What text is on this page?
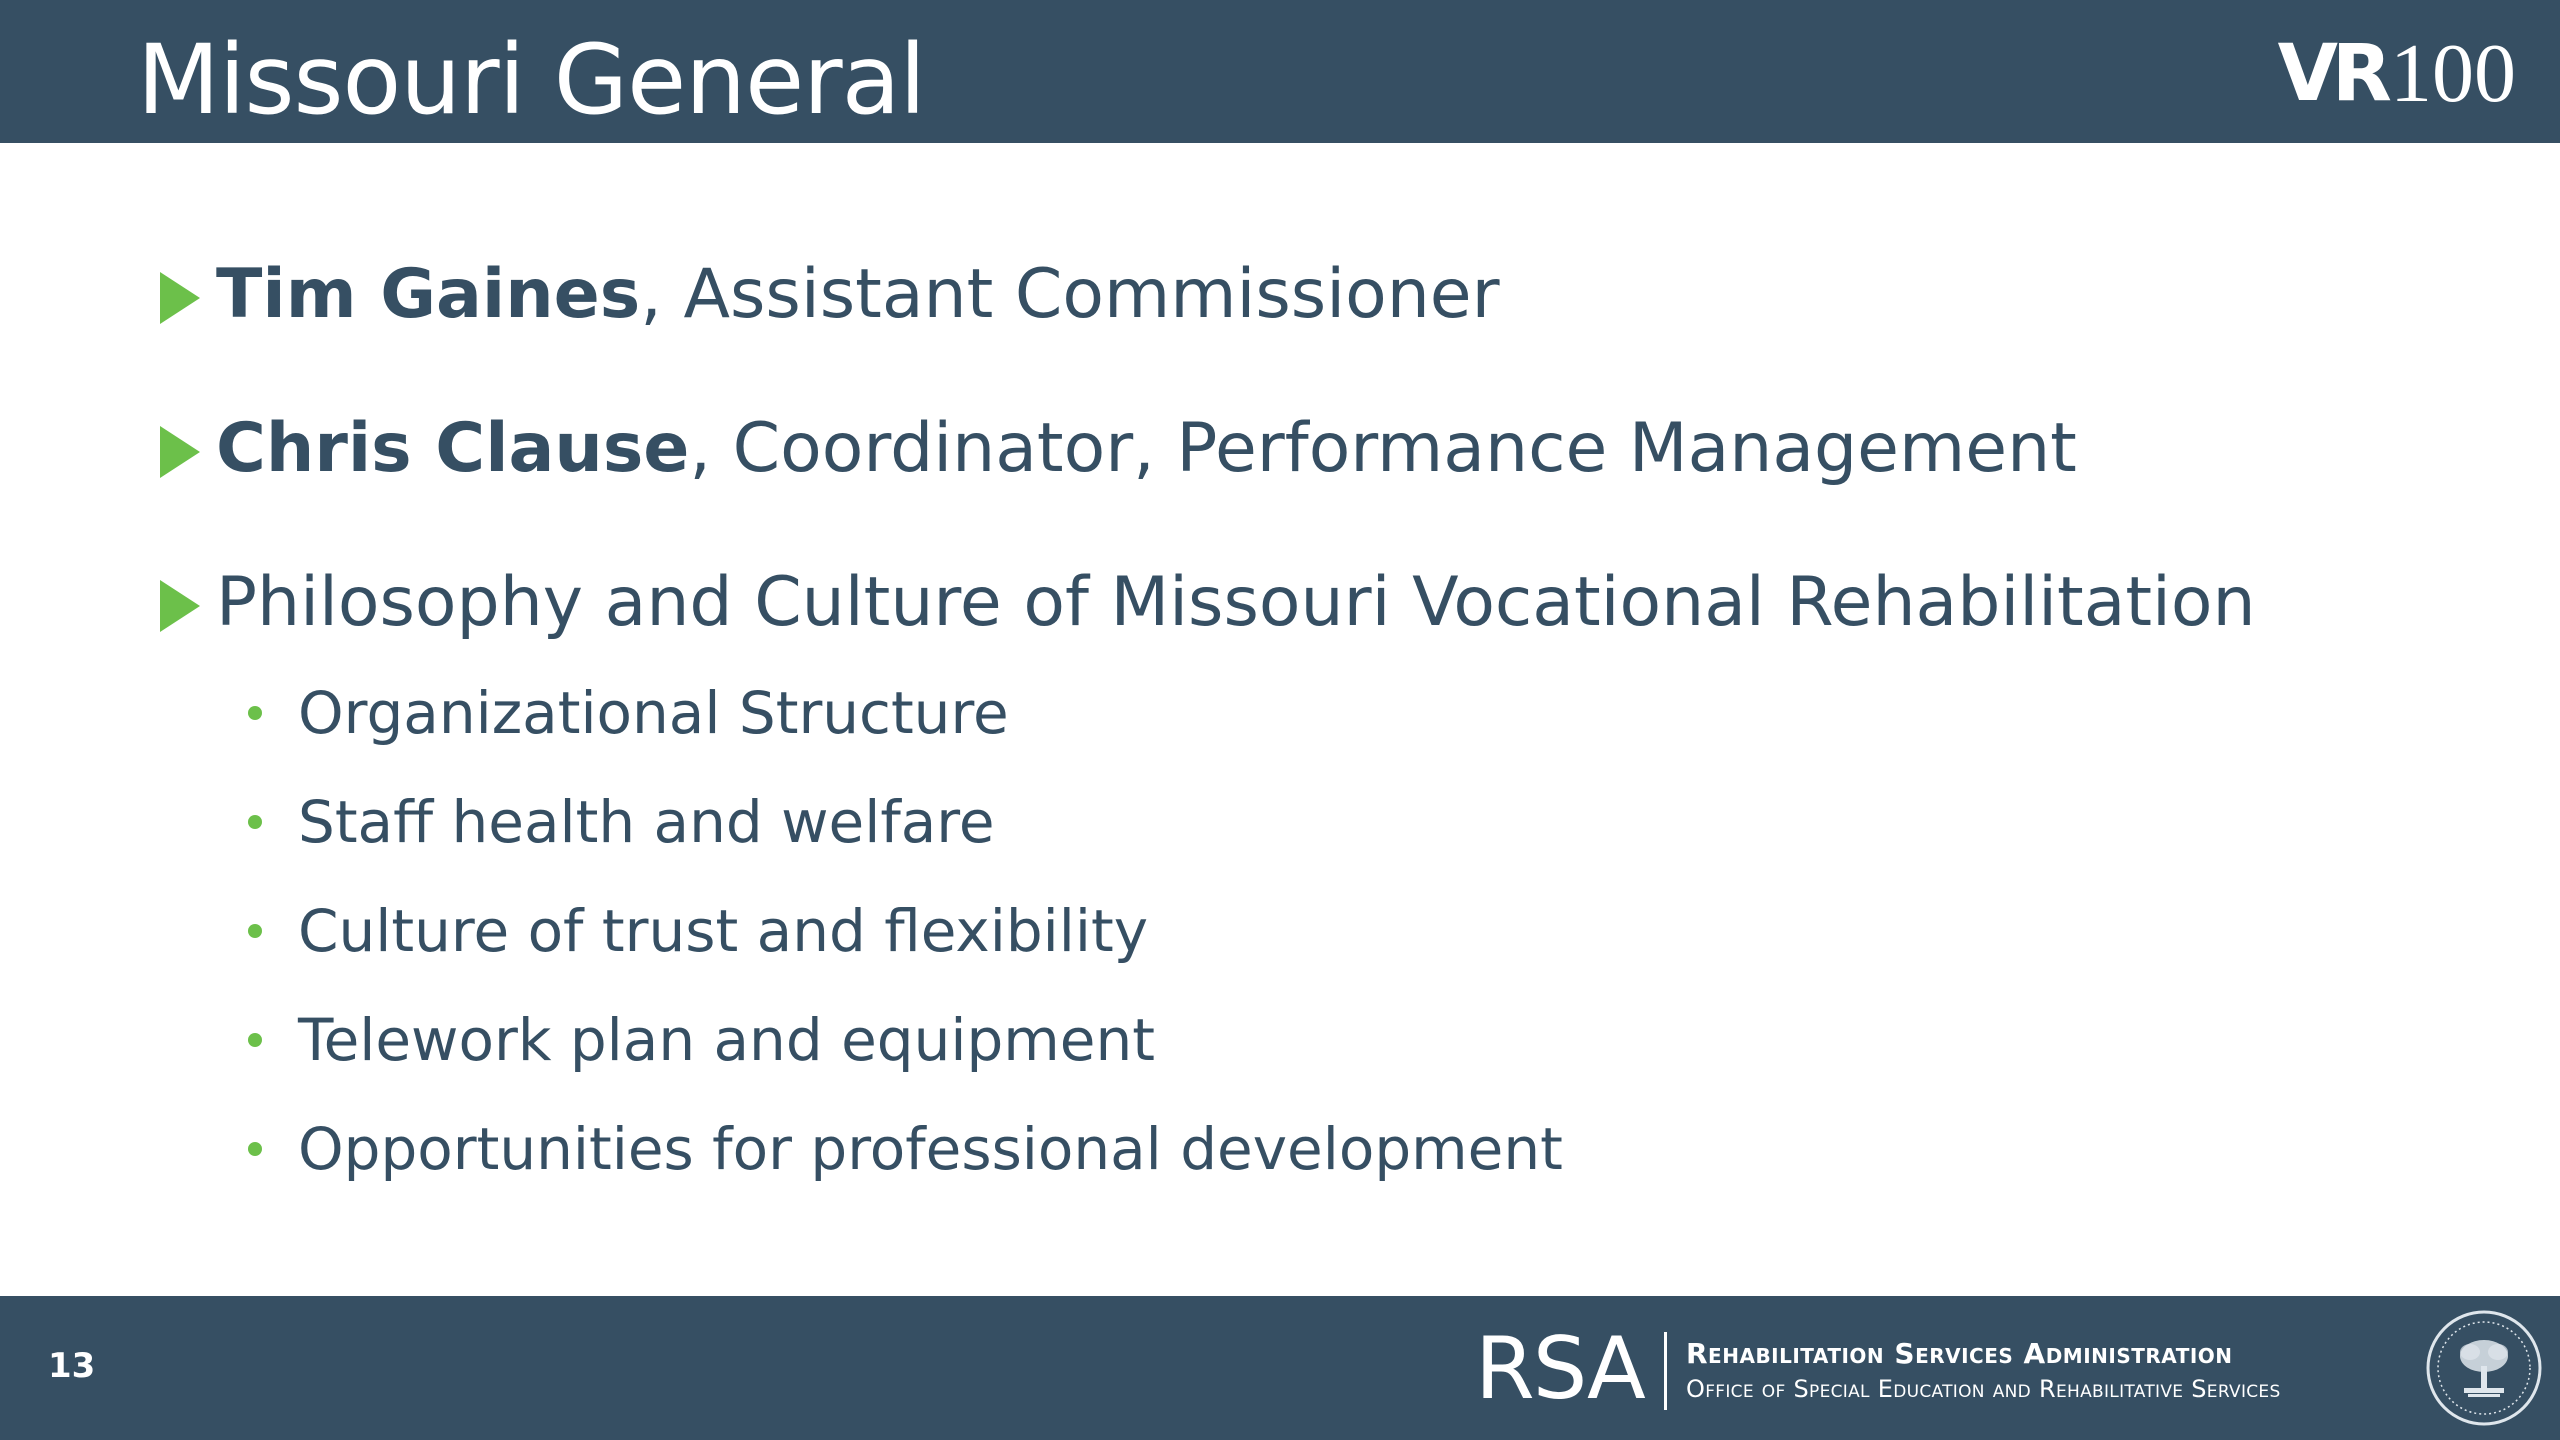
Missouri General	VR 100
Tim Gaines, Assistant Commissioner
Chris Clause, Coordinator, Performance Management
Philosophy and Culture of Missouri Vocational Rehabilitation
Organizational Structure
Staff health and welfare
Culture of trust and flexibility
Telework plan and equipment
Opportunities for professional development
13	RSA Rehabilitation Services Administration
Office of Special Education and Rehabilitative Services
